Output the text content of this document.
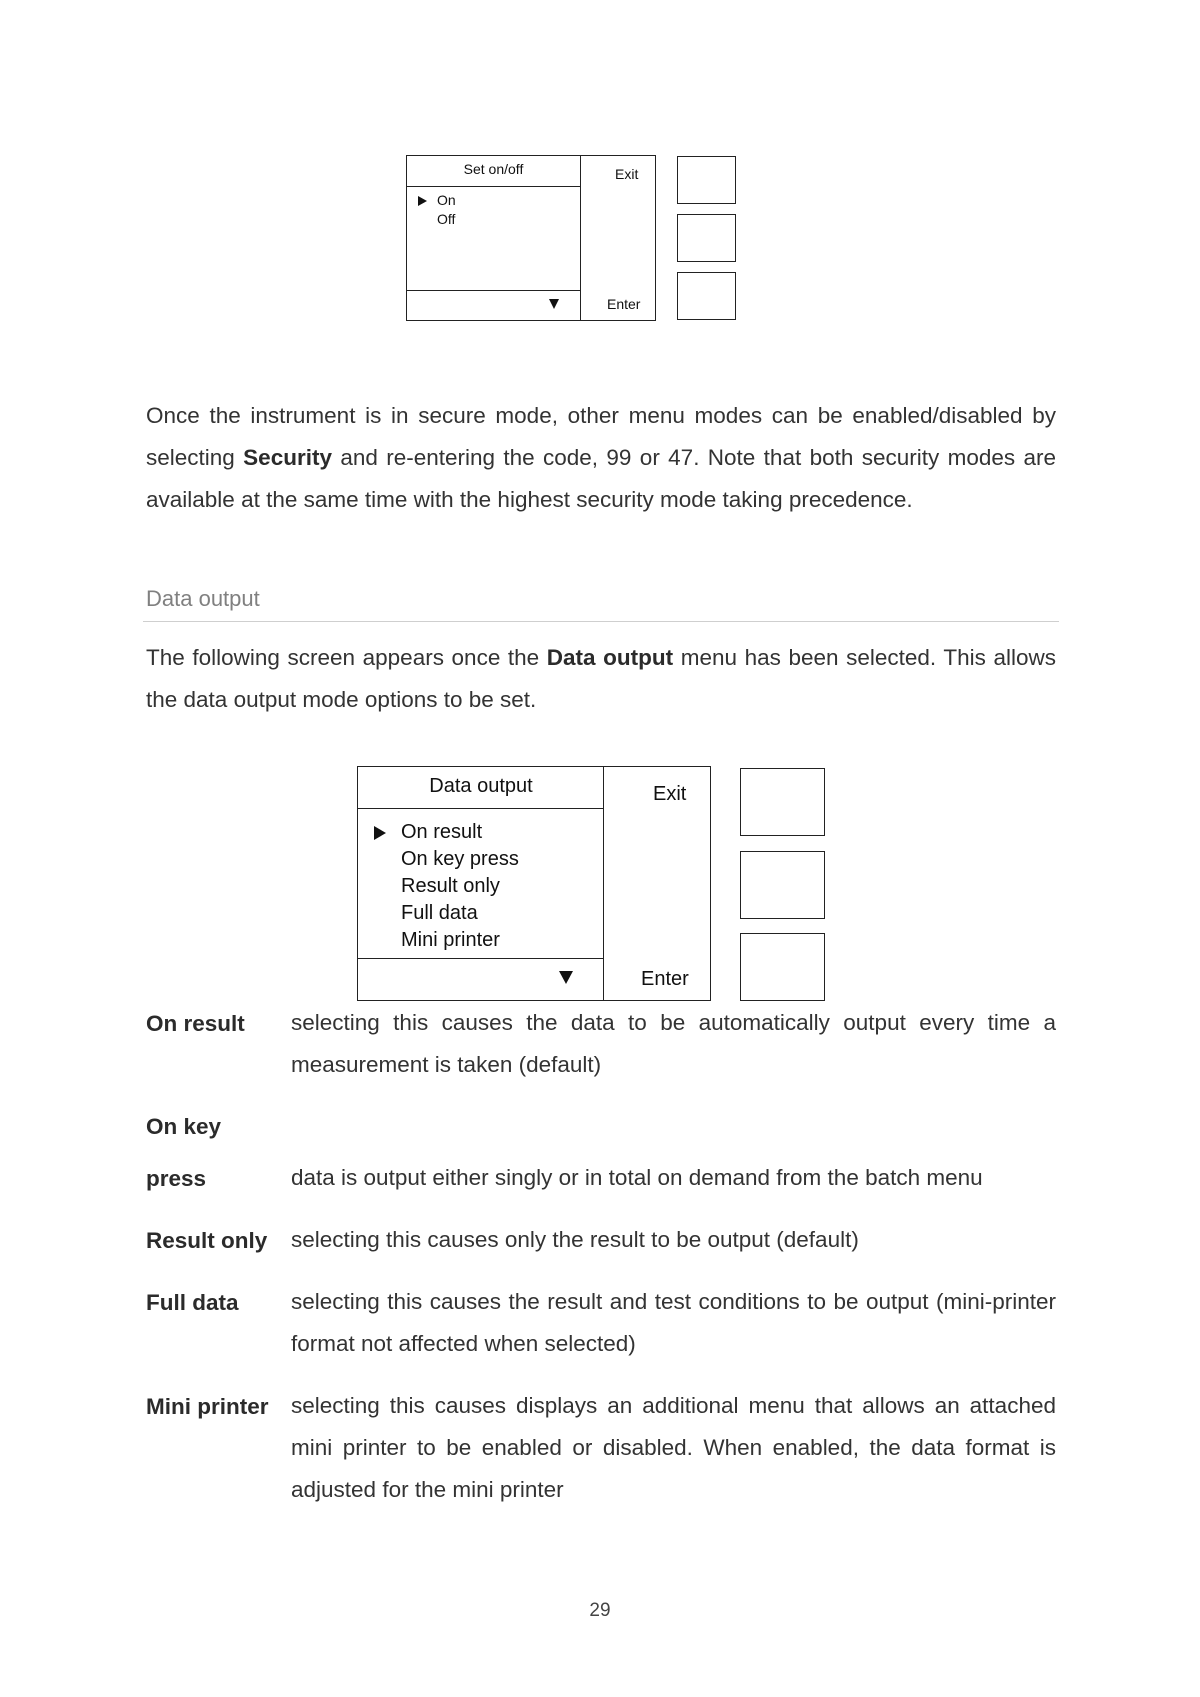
Set on/off
On
Off
Exit
Enter
Once the instrument is in secure mode, other menu modes can be enabled/disabled by selecting Security and re-entering the code, 99 or 47. Note that both security modes are available at the same time with the highest security mode taking precedence.
Data output
The following screen appears once the Data output menu has been selected. This allows the data output mode options to be set.
Data output
On result
On key press
Result only
Full data
Mini printer
Exit
Enter
On result selecting this causes the data to be automatically output every time a measurement is taken (default)
On key
press	data is output either singly or in total on demand from the batch menu
Result only selecting this causes only the result to be output (default)
Full data selecting this causes the result and test conditions to be output (mini-printer format not affected when selected)
Mini printer selecting this causes displays an additional menu that allows an attached mini printer to be enabled or disabled. When enabled, the data format is adjusted for the mini printer
29
